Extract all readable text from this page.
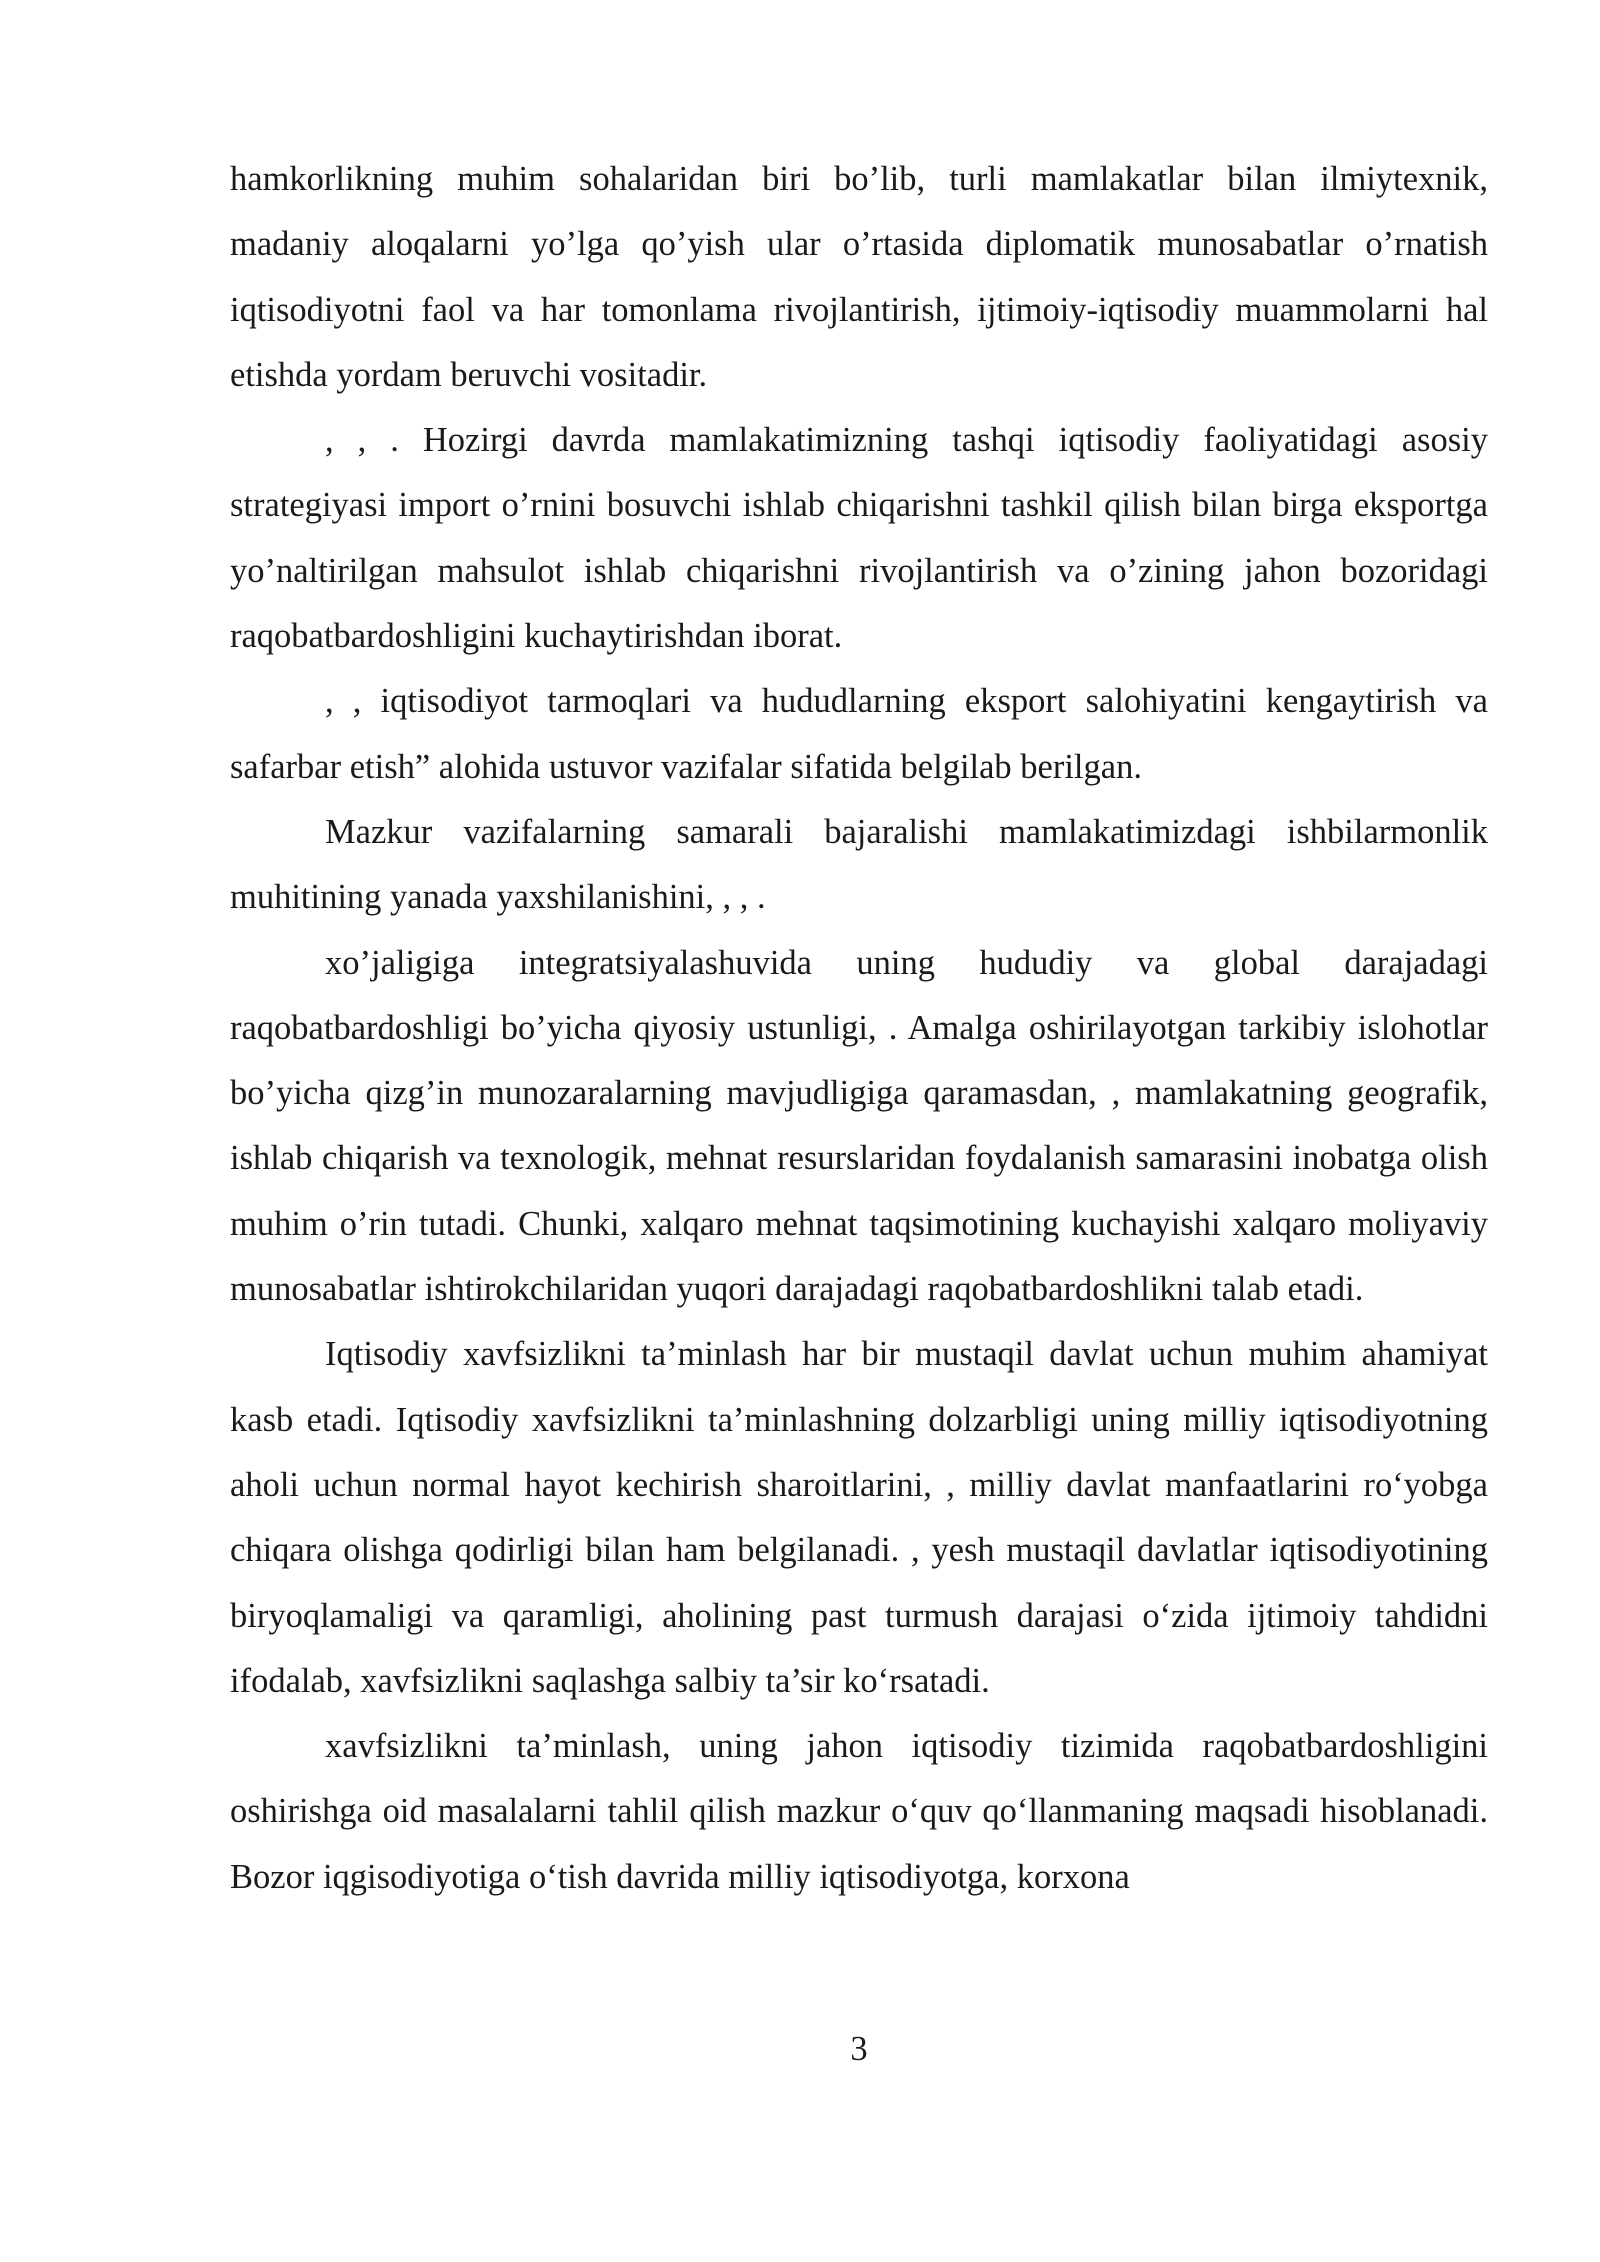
hamkorlikning muhim sohalaridan biri bo’lib, turli mamlakatlar bilan ilmiytexnik, madaniy aloqalarni yo’lga qo’yish ular o’rtasida diplomatik munosabatlar o’rnatish iqtisodiyotni faol va har tomonlama rivojlantirish, ijtimoiy-iqtisodiy muammolarni hal etishda yordam beruvchi vositadir.

, , . Hozirgi davrda mamlakatimizning tashqi iqtisodiy faoliyatidagi asosiy strategiyasi import o’rnini bosuvchi ishlab chiqarishni tashkil qilish bilan birga eksportga yo’naltirilgan mahsulot ishlab chiqarishni rivojlantirish va o’zining jahon bozoridagi raqobatbardoshligini kuchaytirishdan iborat.

, , iqtisodiyot tarmoqlari va hududlarning eksport salohiyatini kengaytirish va safarbar etish” alohida ustuvor vazifalar sifatida belgilab berilgan.

Mazkur vazifalarning samarali bajaralishi mamlakatimizdagi ishbilarmonlik muhitining yanada yaxshilanishini, , , .

xo’jaligiga integratsiyalashuvida uning hududiy va global darajadagi raqobatbardoshligi bo’yicha qiyosiy ustunligi, . Amalga oshirilayotgan tarkibiy islohotlar bo’yicha qizg’in munozaralarning mavjudligiga qaramasdan, , mamlakatning geografik, ishlab chiqarish va texnologik, mehnat resurslaridan foydalanish samarasini inobatga olish muhim o’rin tutadi. Chunki, xalqaro mehnat taqsimotining kuchayishi xalqaro moliyaviy munosabatlar ishtirokchilaridan yuqori darajadagi raqobatbardoshlikni talab etadi.

Iqtisodiy xavfsizlikni ta’minlash har bir mustaqil davlat uchun muhim ahamiyat kasb etadi. Iqtisodiy xavfsizlikni ta’minlashning dolzarbligi uning milliy iqtisodiyotning aholi uchun normal hayot kechirish sharoitlarini, , milliy davlat manfaatlarini ro‘yobga chiqara olishga qodirligi bilan ham belgilanadi. , yesh mustaqil davlatlar iqtisodiyotining biryoqlamaligi va qaramligi, aholining past turmush darajasi o‘zida ijtimoiy tahdidni ifodalab, xavfsizlikni saqlashga salbiy ta’sir ko‘rsatadi.

xavfsizlikni ta’minlash, uning jahon iqtisodiy tizimida raqobatbardoshligini oshirishga oid masalalarni tahlil qilish mazkur o‘quv qo‘llanmaning maqsadi hisoblanadi. Bozor iqgisodiyotiga o‘tish davrida milliy iqtisodiyotga, korxona

3
